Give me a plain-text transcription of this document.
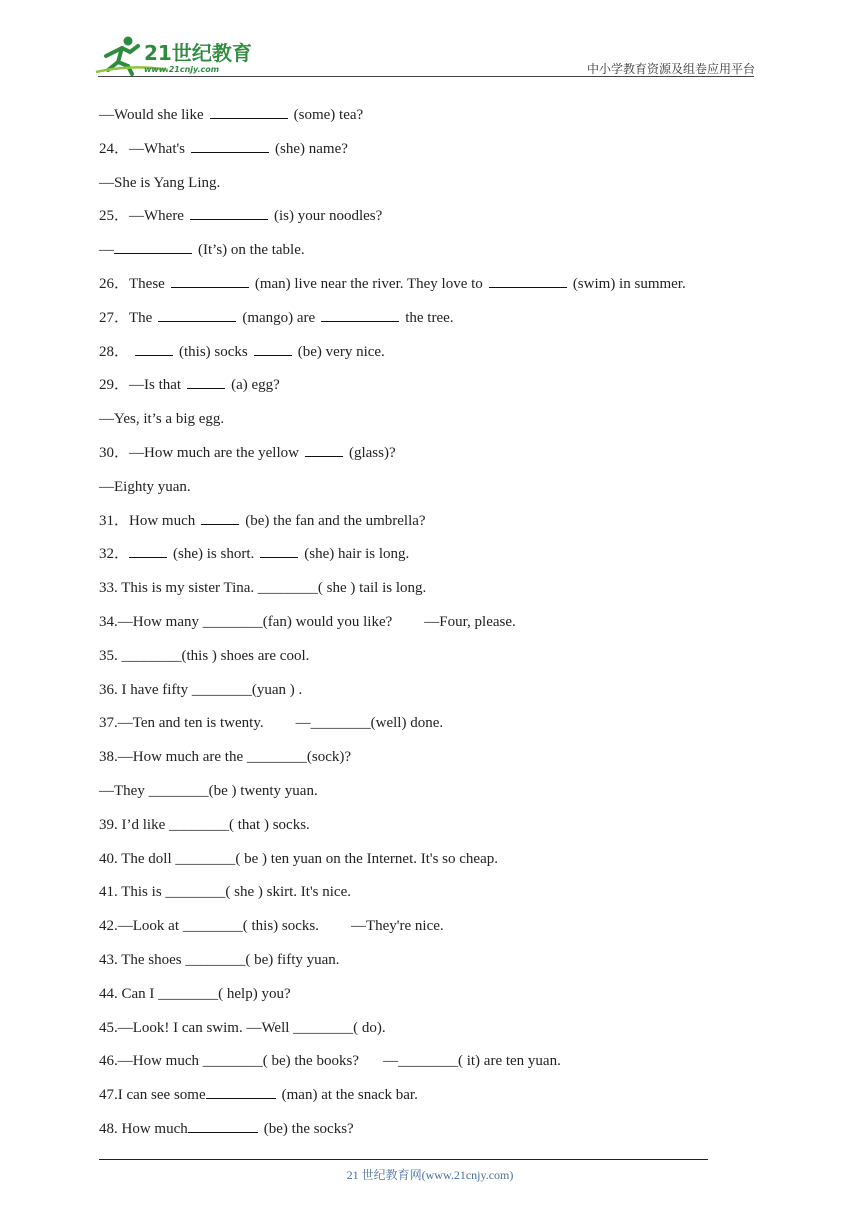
21世纪教育
www.21cnjy.com	中小学教育资源及组卷应用平台
—Would she like	(some) tea?
24．—What's	(she) name?
—She is Yang Ling.
25．—Where	(is) your noodles?
—	(It’s) on the table.
26．These	(man) live near the river. They love to	(swim) in summer.
27．The	(mango) are	the tree.
28．	(this) socks	(be) very nice.
29．—Is that	(a) egg?
—Yes, it’s a big egg.
30．—How much are the yellow	(glass)?
—Eighty yuan.
31．How much	(be) the fan and the umbrella?
32．	(she) is short.	(she) hair is long.
33. This is my sister Tina. ________( she ) tail is long.
34.—How many ________(fan) would you like? —Four, please.
35. ________(this ) shoes are cool.
36. I have fifty ________(yuan ) .
37.—Ten and ten is twenty. —________(well) done.
38.—How much are the ________(sock)?
—They ________(be ) twenty yuan.
39. I’d like ________( that ) socks.
40. The doll ________( be ) ten yuan on the Internet. It's so cheap.
41. This is ________( she ) skirt. It's nice.
42.—Look at ________( this) socks. —They're nice.
43. The shoes ________( be) fifty yuan.
44. Can I ________( help) you?
45.—Look! I can swim. —Well ________( do).
46.—How much ________( be) the books? —________( it) are ten yuan.
47.I can see some	(man) at the snack bar.
48. How much	(be) the socks?
21 世纪教育网(www.21cnjy.com)
